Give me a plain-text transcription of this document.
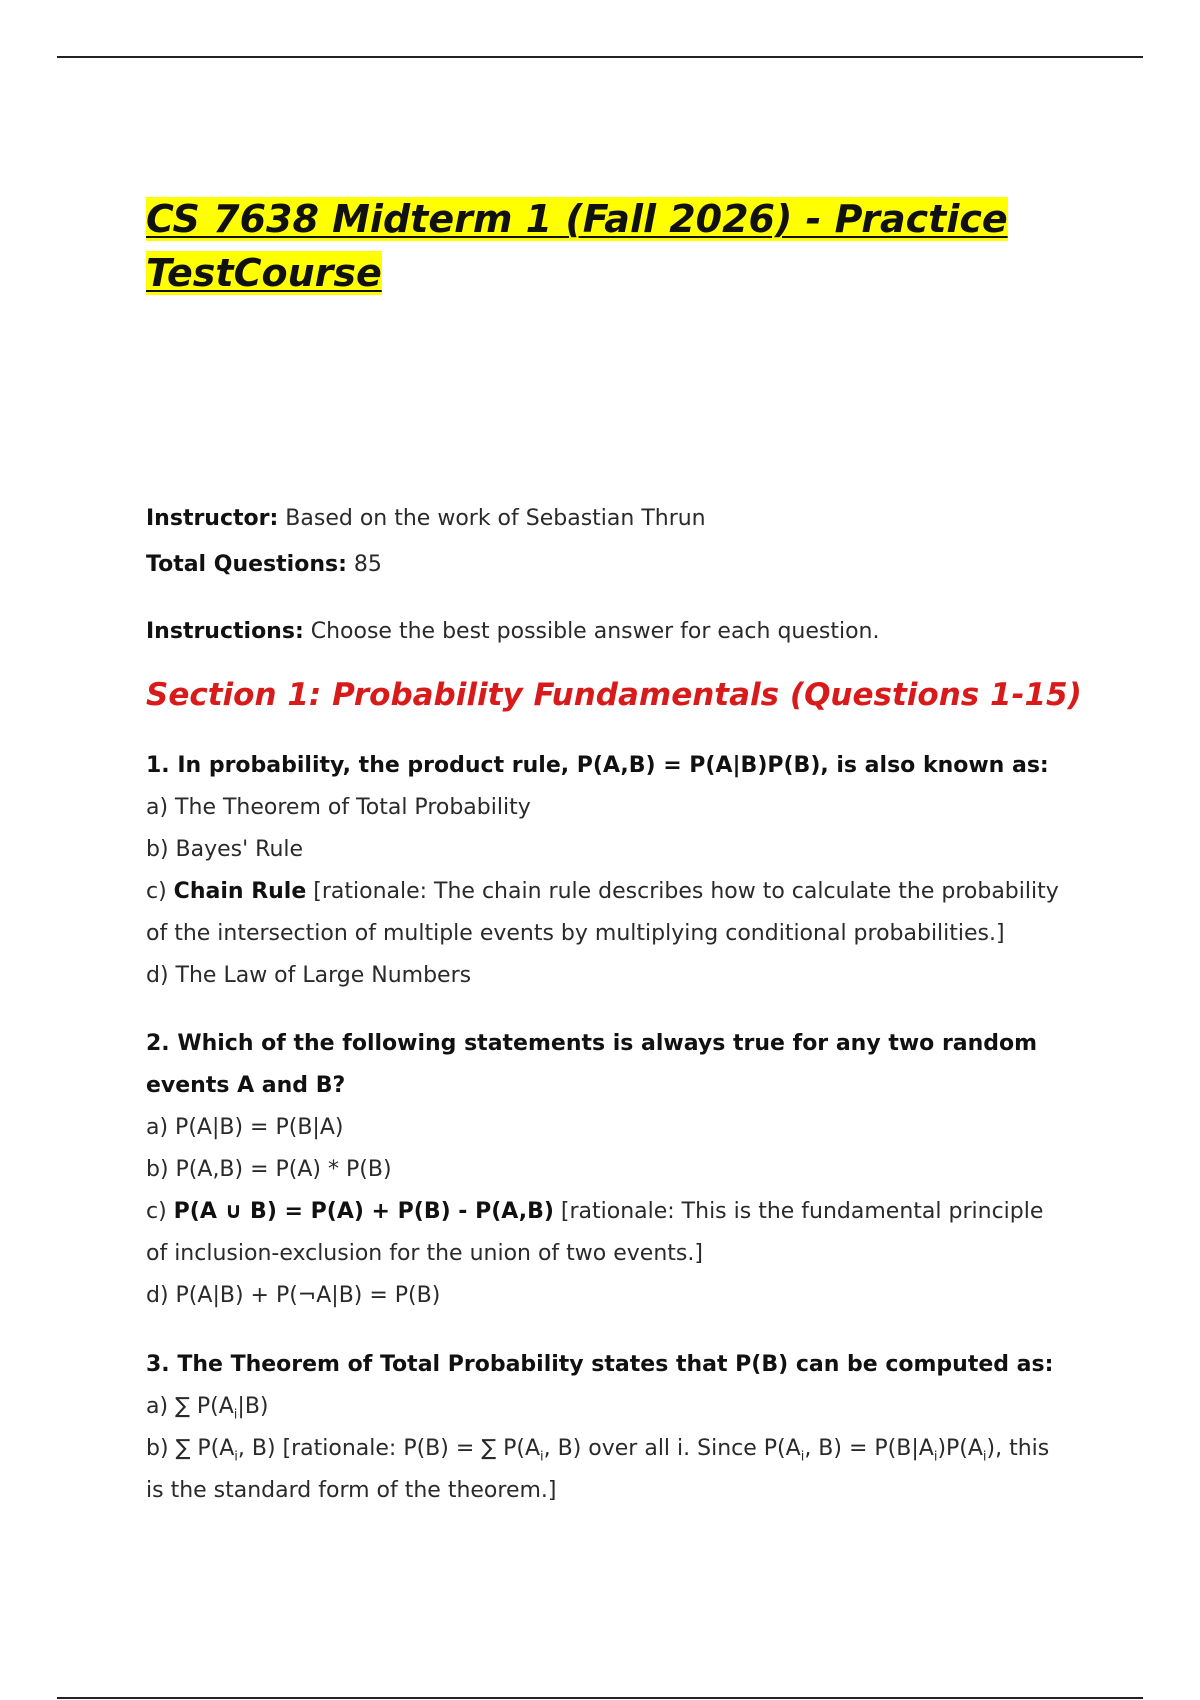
CS 7638 Midterm 1 (Fall 2026) - Practice TestCourse

Instructor: Based on the work of Sebastian Thrun

Total Questions: 85

Instructions: Choose the best possible answer for each question.

Section 1: Probability Fundamentals (Questions 1-15)

1. In probability, the product rule, P(A,B) = P(A|B)P(B), is also known as:

a) The Theorem of Total Probability

b) Bayes' Rule

c) Chain Rule [rationale: The chain rule describes how to calculate the probability of the intersection of multiple events by multiplying conditional probabilities.]

d) The Law of Large Numbers

2. Which of the following statements is always true for any two random events A and B?

a) P(A|B) = P(B|A)

b) P(A,B) = P(A) * P(B)

c) P(A ∪ B) = P(A) + P(B) - P(A,B) [rationale: This is the fundamental principle of inclusion-exclusion for the union of two events.]

d) P(A|B) + P(¬A|B) = P(B)

3. The Theorem of Total Probability states that P(B) can be computed as:

a) ∑ $P(A_i|B)$

b) ∑ $P(A_i$, B) [rationale: P(B) = ∑ $P(A_i$, B) over all i. Since $P(A_i$, $B) = P(B|A_i)P(A_i)$, this is the standard form of the theorem.]
